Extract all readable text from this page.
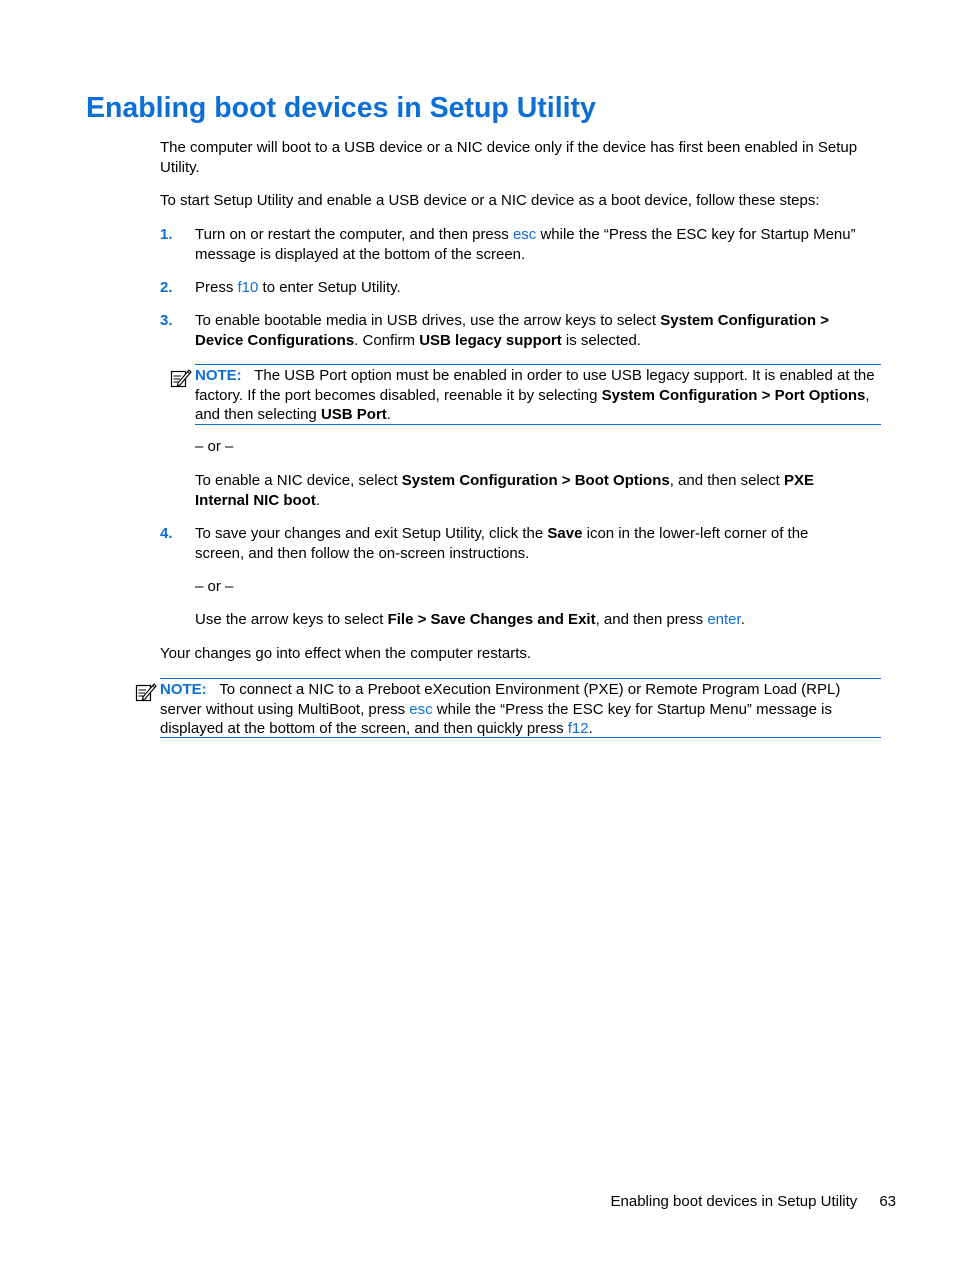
Enabling boot devices in Setup Utility

The computer will boot to a USB device or a NIC device only if the device has first been enabled in Setup Utility.

To start Setup Utility and enable a USB device or a NIC device as a boot device, follow these steps:

1. Turn on or restart the computer, and then press esc while the “Press the ESC key for Startup Menu” message is displayed at the bottom of the screen.

2. Press f10 to enter Setup Utility.

3. To enable bootable media in USB drives, use the arrow keys to select System Configuration > Device Configurations. Confirm USB legacy support is selected.

NOTE: The USB Port option must be enabled in order to use USB legacy support. It is enabled at the factory. If the port becomes disabled, reenable it by selecting System Configuration > Port Options, and then selecting USB Port.

– or –

To enable a NIC device, select System Configuration > Boot Options, and then select PXE Internal NIC boot.

4. To save your changes and exit Setup Utility, click the Save icon in the lower-left corner of the screen, and then follow the on-screen instructions.

– or –

Use the arrow keys to select File > Save Changes and Exit, and then press enter.

Your changes go into effect when the computer restarts.

NOTE: To connect a NIC to a Preboot eXecution Environment (PXE) or Remote Program Load (RPL) server without using MultiBoot, press esc while the “Press the ESC key for Startup Menu” message is displayed at the bottom of the screen, and then quickly press f12.

Enabling boot devices in Setup Utility 63
